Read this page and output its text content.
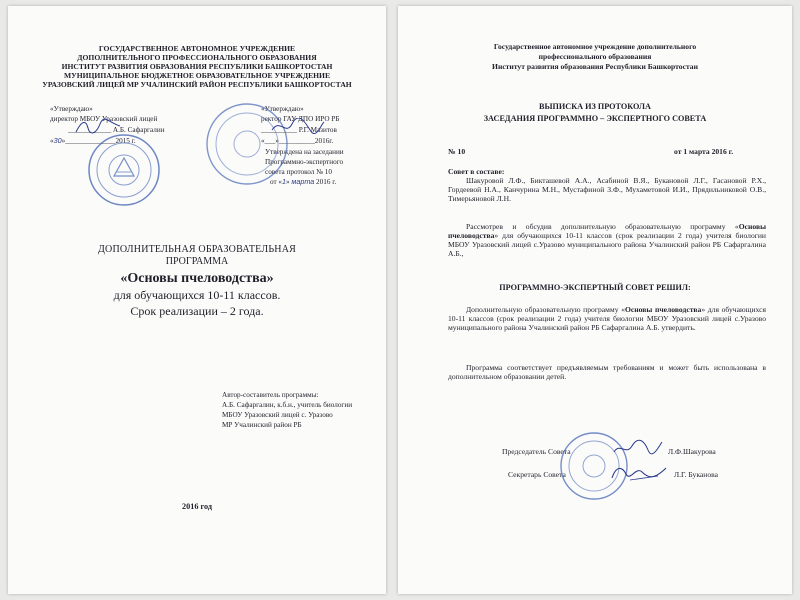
ГОСУДАРСТВЕННОЕ АВТОНОМНОЕ УЧРЕЖДЕНИЕ

ДОПОЛНИТЕЛЬНОГО ПРОФЕССИОНАЛЬНОГО ОБРАЗОВАНИЯ

ИНСТИТУТ РАЗВИТИЯ ОБРАЗОВАНИЯ РЕСПУБЛИКИ БАШКОРТОСТАН

МУНИЦИПАЛЬНОЕ БЮДЖЕТНОЕ ОБРАЗОВАТЕЛЬНОЕ УЧРЕЖДЕНИЕ

УРАЗОВСКИЙ ЛИЦЕЙ МР УЧАЛИНСКИЙ РАЙОН РЕСПУБЛИКИ БАШКОРТОСТАН

«Утверждаю»

директор МБОУ Уразовский лицей

____________ А.Б. Сафаргалин

«30»______________2015 г.

«Утверждаю»

ректор ГАУ ДПО ИРО РБ

__________ Р.Г. Мазитов

«___»__________2016г.

Утверждена на заседании

Программно-экспертного

совета протокол № 10

от «1» марта 2016 г.

ДОПОЛНИТЕЛЬНАЯ ОБРАЗОВАТЕЛЬНАЯ

ПРОГРАММА

«Основы пчеловодства»

для обучающихся 10-11 классов.

Срок реализации – 2 года.

Автор-составитель программы:

А.Б. Сафаргалин, к.б.н., учитель биологии

МБОУ Уразовский лицей с. Уразово

МР Учалинский район РБ

2016 год

Государственное автономное учреждение дополнительного

профессионального образования

Институт развития образования Республики Башкортостан

ВЫПИСКА ИЗ ПРОТОКОЛА

ЗАСЕДАНИЯ ПРОГРАММНО – ЭКСПЕРТНОГО СОВЕТА

№ 10	от 1 марта 2016 г.

Совет в составе:

Шакуровой Л.Ф., Бикташевой А.А., Асабиной В.Я., Букановой Л.Г., Гасановой Р.Х., Гордеевой Н.А., Канчурина М.Н., Мустафиной З.Ф., Мухаметовой И.И., Прядильниковой О.В., Тимерьяновой Л.Н.

Рассмотрев и обсудив дополнительную образовательную программу «Основы пчеловодства» для обучающихся 10-11 классов (срок реализации 2 года) учителя биологии МБОУ Уразовский лицей с.Уразово муниципального района Учалинский район РБ Сафаргалина А.Б.,

ПРОГРАММНО-ЭКСПЕРТНЫЙ СОВЕТ РЕШИЛ:

Дополнительную образовательную программу «Основы пчеловодства» для обучающихся 10-11 классов (срок реализации 2 года) учителя биологии МБОУ Уразовский лицей с.Уразово муниципального района Учалинский район РБ Сафаргалина А.Б. утвердить.

Программа соответствует предъявляемым требованиям и может быть использована в дополнительном образовании детей.

Председатель Совета	Л.Ф.Шакурова

Секретарь Совета	Л.Г. Буканова
